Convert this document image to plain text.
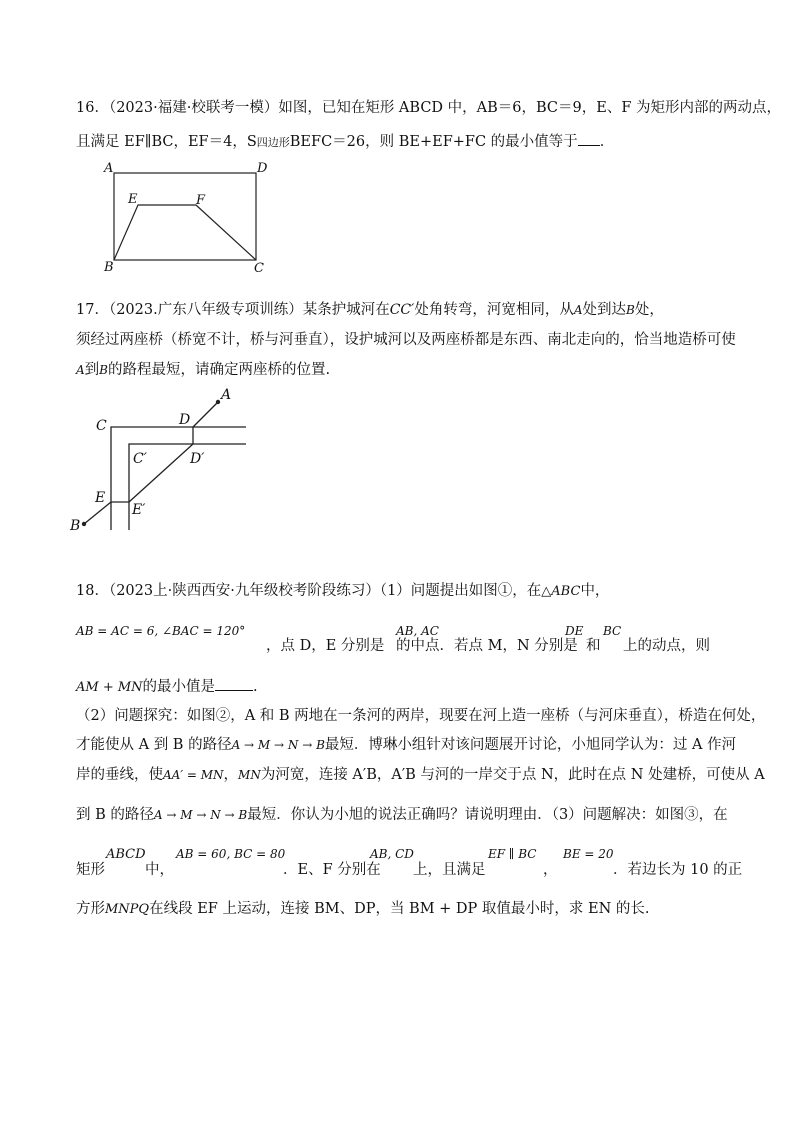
16．（2023·福建·校联考一模）如图，已知在矩形 ABCD 中，AB＝6，BC＝9，E、F 为矩形内部的两动点，
且满足 EF∥BC，EF＝4，S四边形BEFC＝26，则 BE+EF+FC 的最小值等于 ．
A	D
E	F
B	C
17．（2023.广东八年级专项训练）某条护城河在CC′处角转弯，河宽相同，从A处到达B处，
须经过两座桥（桥宽不计，桥与河垂直），设护城河以及两座桥都是东西、南北走向的，恰当地造桥可使
A到B的路程最短，请确定两座桥的位置.
A
B
C	D
C′	D′
E
E′
18．（2023上·陕西西安·九年级校考阶段练习）（1）问题提出如图①，在△ABC中，
AB = AC = 6, ∠BAC = 120°
，点 D，E 分别是
AB, AC
的中点．若点 M，N 分别是
DE
和
BC
上的动点，则
AM + MN的最小值是	.
（2）问题探究：如图②，A 和 B 两地在一条河的两岸，现要在河上造一座桥（与河床垂直），桥造在何处，
才能使从 A 到 B 的路径A → M → N → B最短．博琳小组针对该问题展开讨论，小旭同学认为：过 A 作河
岸的垂线，使AA′ = MN，MN为河宽，连接 A′B，A′B 与河的一岸交于点 N，此时在点 N 处建桥，可使从 A
到 B 的路径A → M → N → B最短．你认为小旭的说法正确吗？请说明理由．（3）问题解决：如图③，在
矩形
ABCD
中，
AB = 60, BC = 80
．E、F 分别在
AB, CD
上，且满足
EF ∥ BC
，
BE = 20
．若边长为 10 的正
方形MNPQ在线段 EF 上运动，连接 BM、DP，当 BM + DP 取值最小时，求 EN 的长.
